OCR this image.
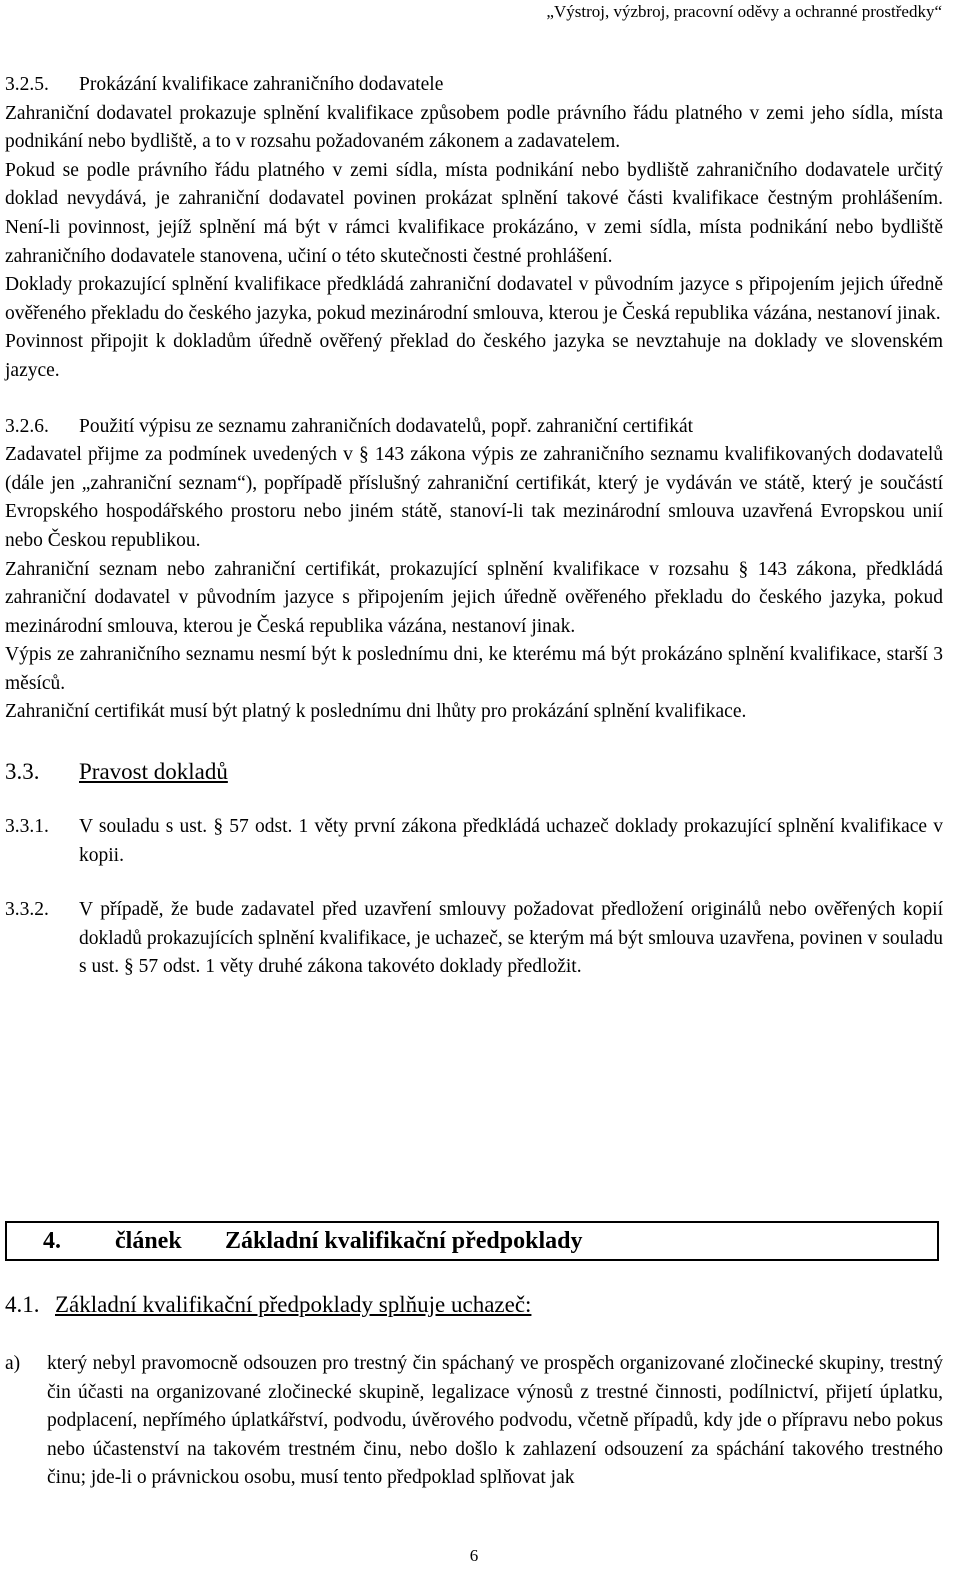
„Výstroj, výzbroj, pracovní oděvy a ochranné prostředky“

3.2.5.	Prokázání kvalifikace zahraničního dodavatele

Zahraniční dodavatel prokazuje splnění kvalifikace způsobem podle právního řádu platného v zemi jeho sídla, místa podnikání nebo bydliště, a to v rozsahu požadovaném zákonem a zadavatelem.

Pokud se podle právního řádu platného v zemi sídla, místa podnikání nebo bydliště zahraničního dodavatele určitý doklad nevydává, je zahraniční dodavatel povinen prokázat splnění takové části kvalifikace čestným prohlášením. Není-li povinnost, jejíž splnění má být v rámci kvalifikace prokázáno, v zemi sídla, místa podnikání nebo bydliště zahraničního dodavatele stanovena, učiní o této skutečnosti čestné prohlášení.

Doklady prokazující splnění kvalifikace předkládá zahraniční dodavatel v původním jazyce s připojením jejich úředně ověřeného překladu do českého jazyka, pokud mezinárodní smlouva, kterou je Česká republika vázána, nestanoví jinak.

Povinnost připojit k dokladům úředně ověřený překlad do českého jazyka se nevztahuje na doklady ve slovenském jazyce.

3.2.6.	Použití výpisu ze seznamu zahraničních dodavatelů, popř. zahraniční certifikát

Zadavatel přijme za podmínek uvedených v § 143 zákona výpis ze zahraničního seznamu kvalifikovaných dodavatelů (dále jen „zahraniční seznam“), popřípadě příslušný zahraniční certifikát, který je vydáván ve státě, který je součástí Evropského hospodářského prostoru nebo jiném státě, stanoví-li tak mezinárodní smlouva uzavřená Evropskou unií nebo Českou republikou.

Zahraniční seznam nebo zahraniční certifikát, prokazující splnění kvalifikace v rozsahu § 143 zákona, předkládá zahraniční dodavatel v původním jazyce s připojením jejich úředně ověřeného překladu do českého jazyka, pokud mezinárodní smlouva, kterou je Česká republika vázána, nestanoví jinak.

Výpis ze zahraničního seznamu nesmí být k poslednímu dni, ke kterému má být prokázáno splnění kvalifikace, starší 3 měsíců.

Zahraniční certifikát musí být platný k poslednímu dni lhůty pro prokázání splnění kvalifikace.

3.3.	Pravost dokladů

3.3.1.	V souladu s ust. § 57 odst. 1 věty první zákona předkládá uchazeč doklady prokazující splnění kvalifikace v kopii.
3.3.2.	V případě, že bude zadavatel před uzavření smlouvy požadovat předložení originálů nebo ověřených kopií dokladů prokazujících splnění kvalifikace, je uchazeč, se kterým má být smlouva uzavřena, povinen v souladu s ust. § 57 odst. 1 věty druhé zákona takovéto doklady předložit.
4.	článek	Základní kvalifikační předpoklady
4.1. Základní kvalifikační předpoklady splňuje uchazeč:
a)	který nebyl pravomocně odsouzen pro trestný čin spáchaný ve prospěch organizované zločinecké skupiny, trestný čin účasti na organizované zločinecké skupině, legalizace výnosů z trestné činnosti, podílnictví, přijetí úplatku, podplacení, nepřímého úplatkářství, podvodu, úvěrového podvodu, včetně případů, kdy jde o přípravu nebo pokus nebo účastenství na takovém trestném činu, nebo došlo k zahlazení odsouzení za spáchání takového trestného činu; jde-li o právnickou osobu, musí tento předpoklad splňovat jak
6
